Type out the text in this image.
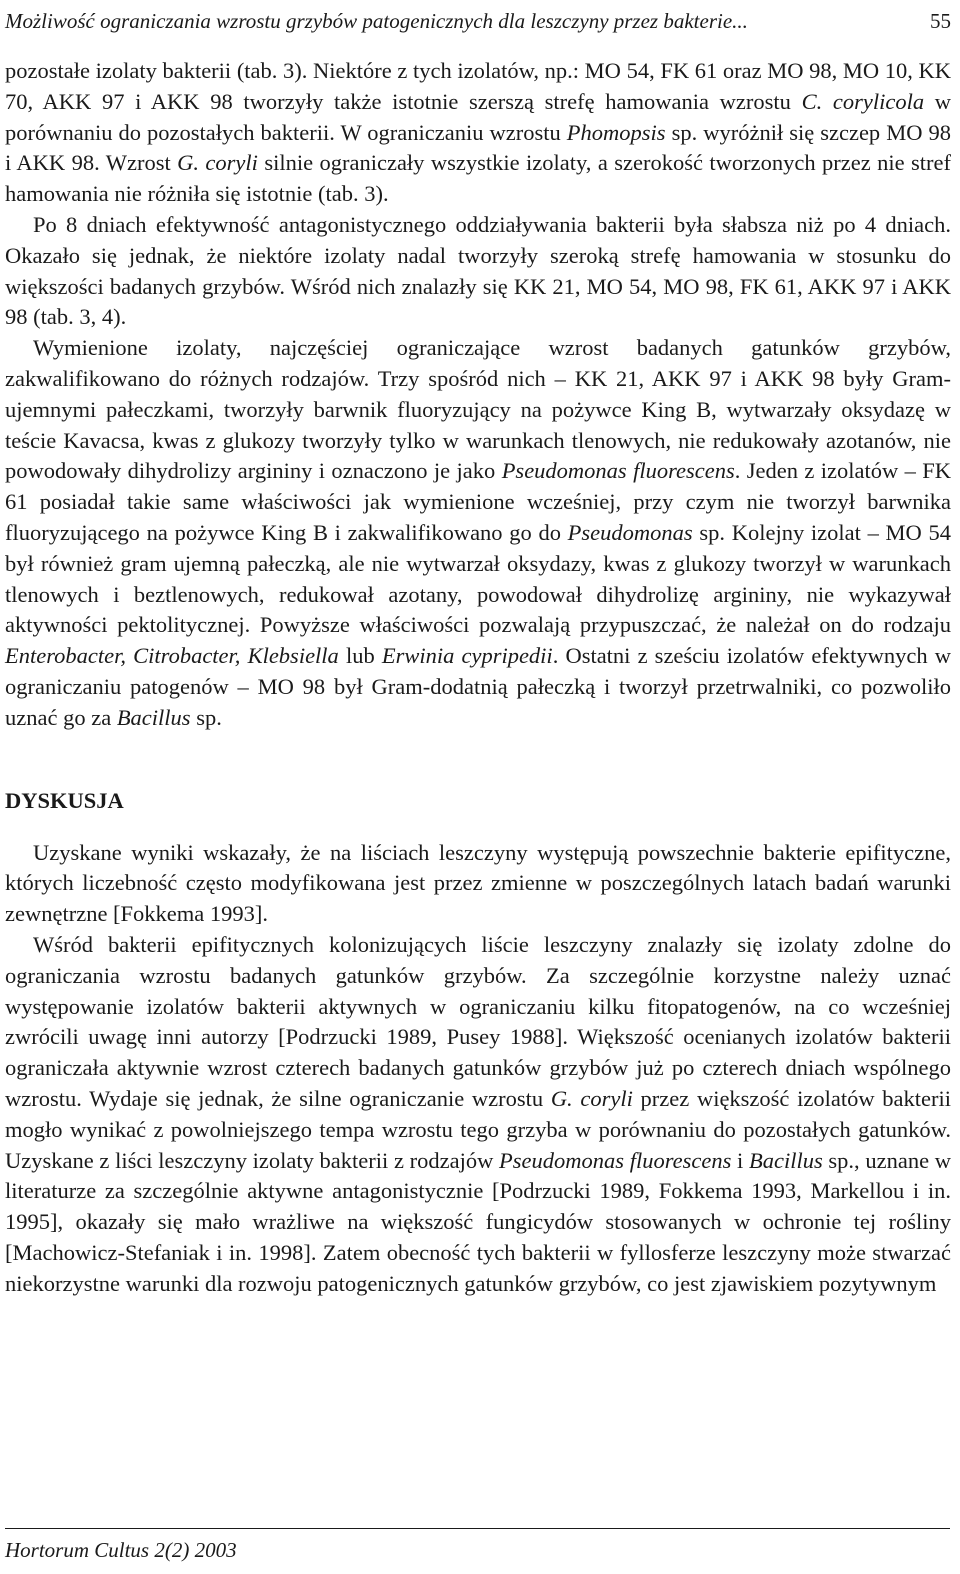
Możliwość ograniczania wzrostu grzybów patogenicznych dla leszczyny przez bakterie...	55

pozostałe izolaty bakterii (tab. 3). Niektóre z tych izolatów, np.: MO 54, FK 61 oraz MO 98, MO 10, KK 70, AKK 97 i AKK 98 tworzyły także istotnie szerszą strefę hamowania wzrostu C. corylicola w porównaniu do pozostałych bakterii. W ograniczaniu wzrostu Phomopsis sp. wyróżnił się szczep MO 98 i AKK 98. Wzrost G. coryli silnie ograniczały wszystkie izolaty, a szerokość tworzonych przez nie stref hamowania nie różniła się istotnie (tab. 3).

Po 8 dniach efektywność antagonistycznego oddziaływania bakterii była słabsza niż po 4 dniach. Okazało się jednak, że niektóre izolaty nadal tworzyły szeroką strefę hamowania w stosunku do większości badanych grzybów. Wśród nich znalazły się KK 21, MO 54, MO 98, FK 61, AKK 97 i AKK 98 (tab. 3, 4).

Wymienione izolaty, najczęściej ograniczające wzrost badanych gatunków grzybów, zakwalifikowano do różnych rodzajów. Trzy spośród nich – KK 21, AKK 97 i AKK 98 były Gram-ujemnymi pałeczkami, tworzyły barwnik fluoryzujący na pożywce King B, wytwarzały oksydazę w teście Kavacsa, kwas z glukozy tworzyły tylko w warunkach tlenowych, nie redukowały azotanów, nie powodowały dihydrolizy argininy i oznaczono je jako Pseudomonas fluorescens. Jeden z izolatów – FK 61 posiadał takie same właściwości jak wymienione wcześniej, przy czym nie tworzył barwnika fluoryzującego na pożywce King B i zakwalifikowano go do Pseudomonas sp. Kolejny izolat – MO 54 był również gram ujemną pałeczką, ale nie wytwarzał oksydazy, kwas z glukozy tworzył w warunkach tlenowych i beztlenowych, redukował azotany, powodował dihydrolizę argininy, nie wykazywał aktywności pektolitycznej. Powyższe właściwości pozwalają przypuszczać, że należał on do rodzaju Enterobacter, Citrobacter, Klebsiella lub Erwinia cypripedii. Ostatni z sześciu izolatów efektywnych w ograniczaniu patogenów – MO 98 był Gram-dodatnią pałeczką i tworzył przetrwalniki, co pozwoliło uznać go za Bacillus sp.

DYSKUSJA

Uzyskane wyniki wskazały, że na liściach leszczyny występują powszechnie bakterie epifityczne, których liczebność często modyfikowana jest przez zmienne w poszczególnych latach badań warunki zewnętrzne [Fokkema 1993].

Wśród bakterii epifitycznych kolonizujących liście leszczyny znalazły się izolaty zdolne do ograniczania wzrostu badanych gatunków grzybów. Za szczególnie korzystne należy uznać występowanie izolatów bakterii aktywnych w ograniczaniu kilku fitopatogenów, na co wcześniej zwrócili uwagę inni autorzy [Podrzucki 1989, Pusey 1988]. Większość ocenianych izolatów bakterii ograniczała aktywnie wzrost czterech badanych gatunków grzybów już po czterech dniach wspólnego wzrostu. Wydaje się jednak, że silne ograniczanie wzrostu G. coryli przez większość izolatów bakterii mogło wynikać z powolniejszego tempa wzrostu tego grzyba w porównaniu do pozostałych gatunków. Uzyskane z liści leszczyny izolaty bakterii z rodzajów Pseudomonas fluorescens i Bacillus sp., uznane w literaturze za szczególnie aktywne antagonistycznie [Podrzucki 1989, Fokkema 1993, Markellou i in. 1995], okazały się mało wrażliwe na większość fungicydów stosowanych w ochronie tej rośliny [Machowicz-Stefaniak i in. 1998]. Zatem obecność tych bakterii w fyllosferze leszczyny może stwarzać niekorzystne warunki dla rozwoju patogenicznych gatunków grzybów, co jest zjawiskiem pozytywnym

Hortorum Cultus 2(2) 2003
